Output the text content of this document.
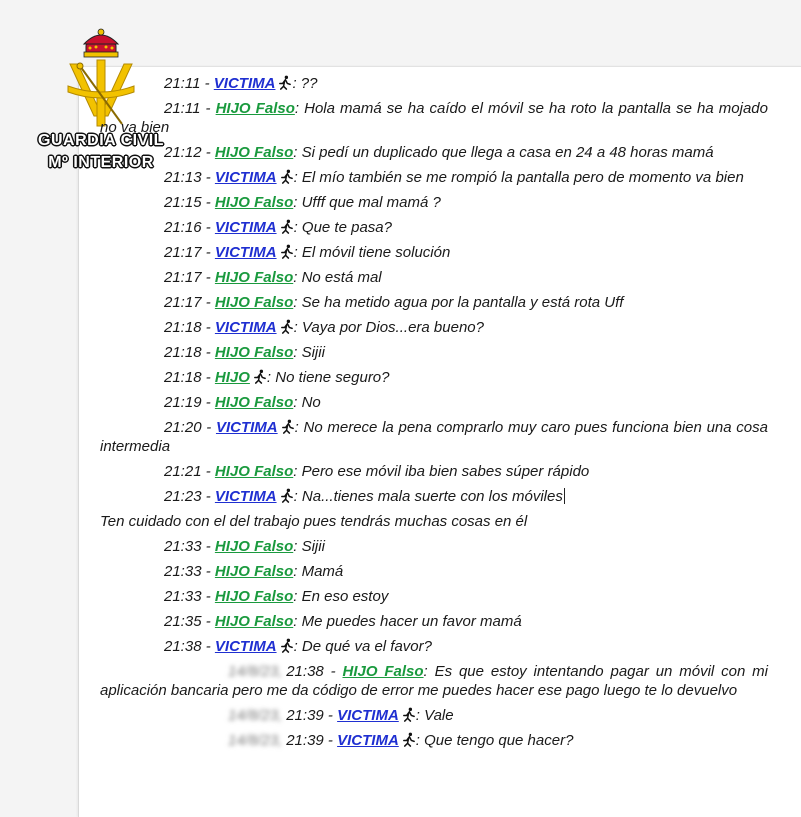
GUARDIA CIVIL
Mº INTERIOR
21:11 - VICTIMA : ??
21:11 - HIJO Falso: Hola mamá se ha caído el móvil se ha roto la pantalla se ha mojado no va bien
21:12 - HIJO Falso: Si pedí un duplicado que llega a casa en 24 a 48 horas mamá
21:13 - VICTIMA : El mío también se me rompió la pantalla pero de momento va bien
21:15 - HIJO Falso: Ufff que mal mamá ?
21:16 - VICTIMA : Que te pasa?
21:17 - VICTIMA : El móvil tiene solución
21:17 - HIJO Falso: No está mal
21:17 - HIJO Falso: Se ha metido agua por la pantalla y está rota Uff
21:18 - VICTIMA : Vaya por Dios...era bueno?
21:18 - HIJO Falso: Sijii
21:18 - HIJO : No tiene seguro?
21:19 - HIJO Falso: No
21:20 - VICTIMA : No merece la pena comprarlo muy caro pues funciona bien una cosa intermedia
21:21 - HIJO Falso: Pero ese móvil iba bien sabes súper rápido
21:23 - VICTIMA : Na...tienes mala suerte con los móviles
Ten cuidado con el del trabajo pues tendrás muchas cosas en él
21:33 - HIJO Falso: Sijii
21:33 - HIJO Falso: Mamá
21:33 - HIJO Falso: En eso estoy
21:35 - HIJO Falso: Me puedes hacer un favor mamá
21:38 - VICTIMA : De qué va el favor?
14/8/23, 21:38 - HIJO Falso: Es que estoy intentando pagar un móvil con mi aplicación bancaria pero me da código de error me puedes hacer ese pago luego te lo devuelvo
14/8/23, 21:39 - VICTIMA : Vale
14/8/23, 21:39 - VICTIMA : Que tengo que hacer?
